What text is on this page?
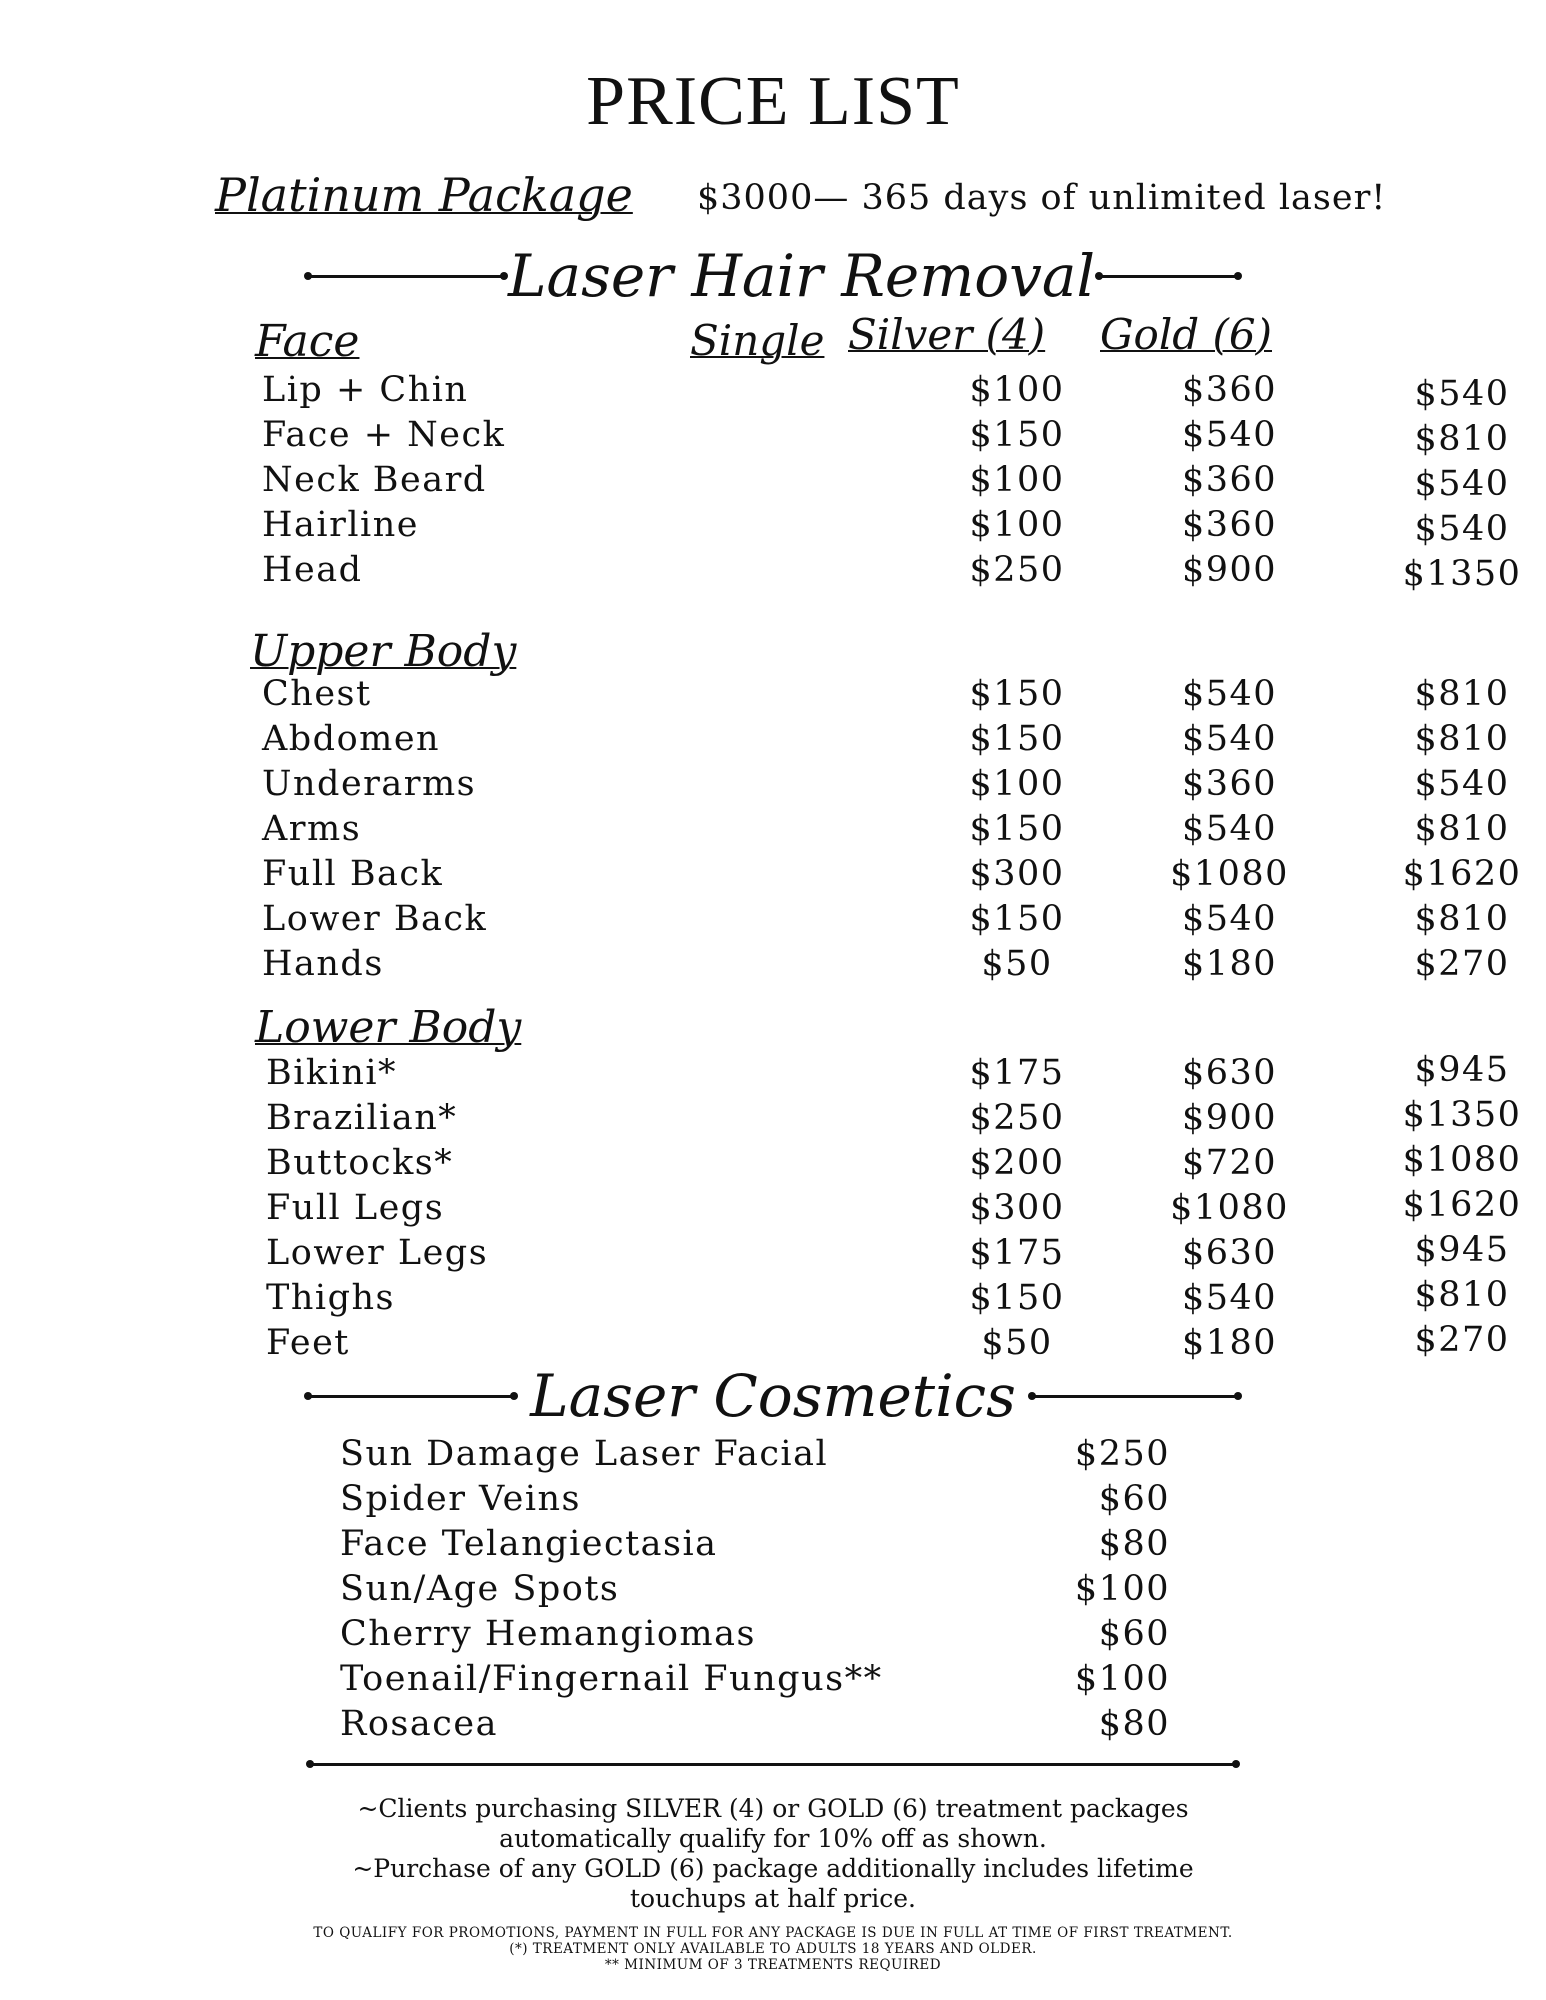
PRICE LIST
Platinum Package $3000— 365 days of unlimited laser!
Laser Hair Removal
Single Silver (4) Gold (6)
Face
Lip + Chin	$100	$360	$540
Face + Neck	$150	$540	$810
Neck Beard	$100	$360	$540
Hairline	$100	$360	$540
Head	$250	$900	$1350
Upper Body
Chest	$150	$540	$810
Abdomen	$150	$540	$810
Underarms	$100	$360	$540
Arms	$150	$540	$810
Full Back	$300	$1080	$1620
Lower Back	$150	$540	$810
Hands	$50	$180	$270
Lower Body
Bikini*	$175	$630	$945
Brazilian*	$250	$900	$1350
Buttocks*	$200	$720	$1080
Full Legs	$300	$1080	$1620
Lower Legs	$175	$630	$945
Thighs	$150	$540	$810
Feet	$50	$180	$270
Laser Cosmetics
Sun Damage Laser Facial	$250
Spider Veins	$60
Face Telangiectasia	$80
Sun/Age Spots	$100
Cherry Hemangiomas	$60
Toenail/Fingernail Fungus**	$100
Rosacea	$80
~Clients purchasing SILVER (4) or GOLD (6) treatment packages
automatically qualify for 10% off as shown.
~Purchase of any GOLD (6) package additionally includes lifetime
touchups at half price.
TO QUALIFY FOR PROMOTIONS, PAYMENT IN FULL FOR ANY PACKAGE IS DUE IN FULL AT TIME OF FIRST TREATMENT.
(*) TREATMENT ONLY AVAILABLE TO ADULTS 18 YEARS AND OLDER.
** MINIMUM OF 3 TREATMENTS REQUIRED
